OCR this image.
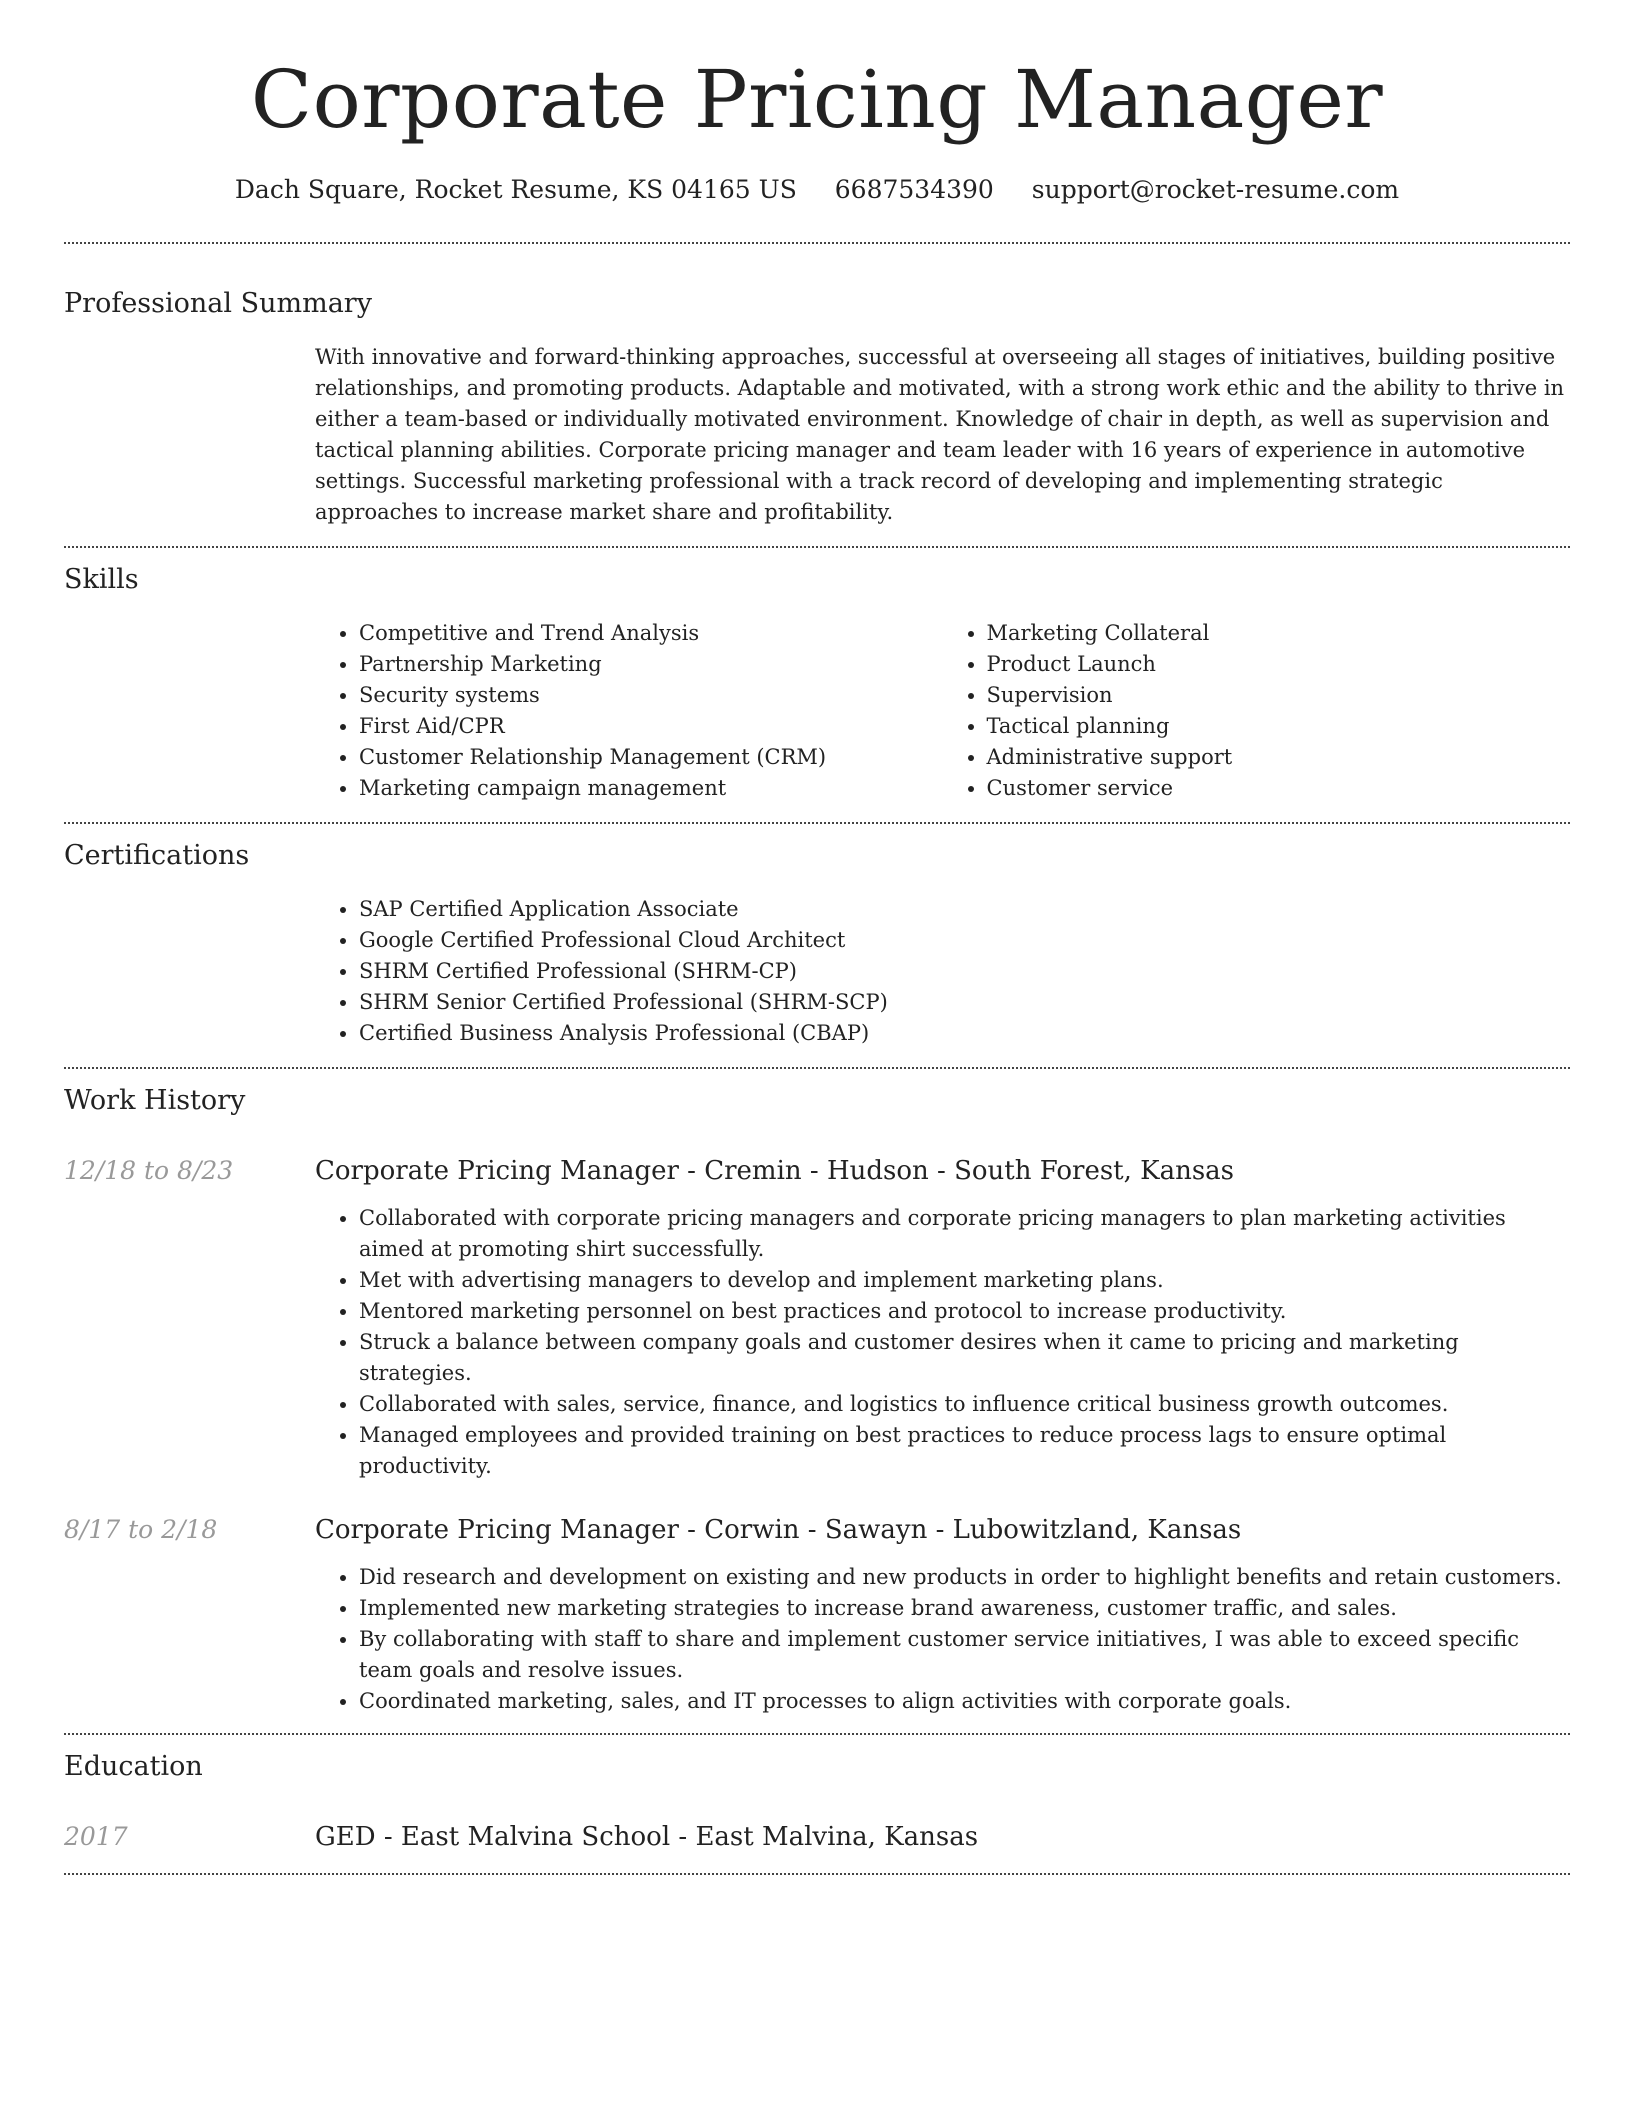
Corporate Pricing Manager
Dach Square, Rocket Resume, KS 04165 US 6687534390 support@rocket-resume.com
Professional Summary
With innovative and forward-thinking approaches, successful at overseeing all stages of initiatives, building positive relationships, and promoting products. Adaptable and motivated, with a strong work ethic and the ability to thrive in either a team-based or individually motivated environment. Knowledge of chair in depth, as well as supervision and tactical planning abilities. Corporate pricing manager and team leader with 16 years of experience in automotive settings. Successful marketing professional with a track record of developing and implementing strategic approaches to increase market share and profitability.
Skills
• Competitive and Trend Analysis
• Partnership Marketing
• Security systems
• First Aid/CPR
• Customer Relationship Management (CRM)
• Marketing campaign management
• Marketing Collateral
• Product Launch
• Supervision
• Tactical planning
• Administrative support
• Customer service
Certifications
• SAP Certified Application Associate
• Google Certified Professional Cloud Architect
• SHRM Certified Professional (SHRM-CP)
• SHRM Senior Certified Professional (SHRM-SCP)
• Certified Business Analysis Professional (CBAP)
Work History
12/18 to 8/23	Corporate Pricing Manager - Cremin - Hudson - South Forest, Kansas
• Collaborated with corporate pricing managers and corporate pricing managers to plan marketing activities aimed at promoting shirt successfully.
• Met with advertising managers to develop and implement marketing plans.
• Mentored marketing personnel on best practices and protocol to increase productivity.
• Struck a balance between company goals and customer desires when it came to pricing and marketing strategies.
• Collaborated with sales, service, finance, and logistics to influence critical business growth outcomes.
• Managed employees and provided training on best practices to reduce process lags to ensure optimal productivity.
8/17 to 2/18	Corporate Pricing Manager - Corwin - Sawayn - Lubowitzland, Kansas
• Did research and development on existing and new products in order to highlight benefits and retain customers.
• Implemented new marketing strategies to increase brand awareness, customer traffic, and sales.
• By collaborating with staff to share and implement customer service initiatives, I was able to exceed specific team goals and resolve issues.
• Coordinated marketing, sales, and IT processes to align activities with corporate goals.
Education
2017	GED - East Malvina School - East Malvina, Kansas
